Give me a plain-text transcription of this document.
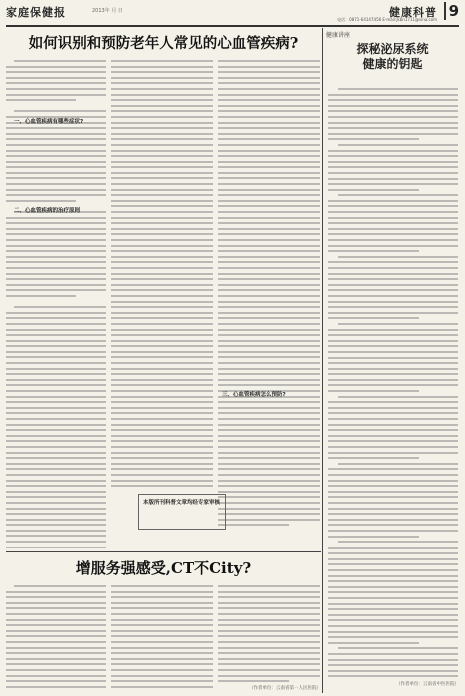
家庭保健报	2013年 月 日	健康科普 9
电话：0871-64147456 E-mail:jkbn1711@sina.com
如何识别和预防老年人常见的心血管疾病?
一、心血管疾病有哪些症状?
二、心血管疾病的治疗原则
三、心血管疾病怎么预防?
本版所刊科普文章均经专家审核
增服务强感受,CT不City?
（作者单位：云南省第一人民医院）
健康讲座
探秘泌尿系统
健康的钥匙
（作者单位：云南省中医医院）
